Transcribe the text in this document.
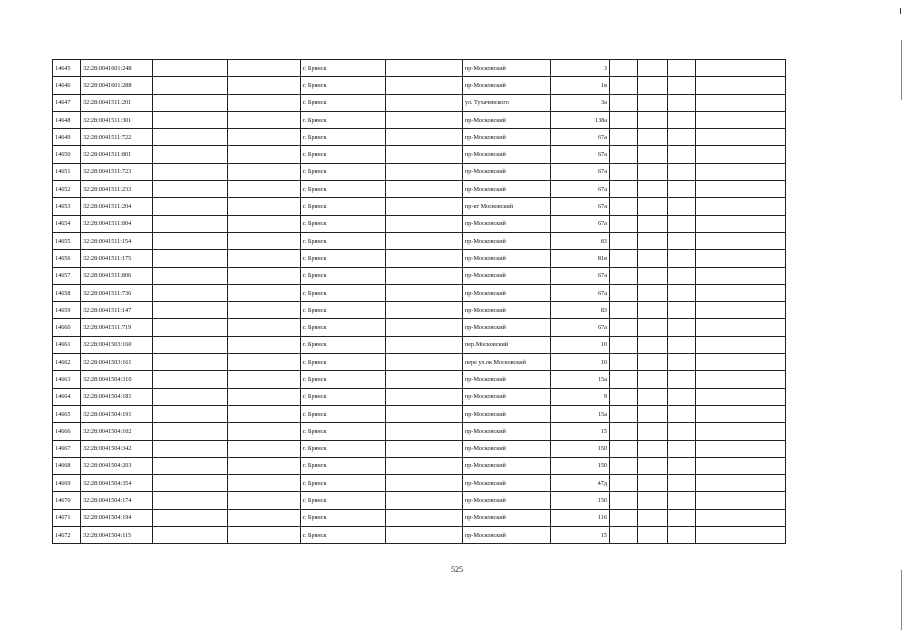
14645	32:28:0041601:248			г. Брянск		пр-Московский	3				
14646	32:28:0041601:288			г. Брянск		пр-Московский	1в				
14647	32:28:0041511:201			г. Брянск		ул. Тухачевского	3а				
14648	32:28:0041511:301			г. Брянск		пр-Московский	138а				
14649	32:28:0041511:722			г. Брянск		пр-Московский	67а				
14650	32:28:0041511:801			г. Брянск		пр-Московский	67а				
14651	32:28:0041511:723			г. Брянск		пр-Московский	67а				
14652	32:28:0041511:233			г. Брянск		пр-Московский	67а				
14653	32:28:0041511:204			г. Брянск		пр-кт Московский	67а				
14654	32:28:0041511:804			г. Брянск		пр-Московский	67а				
14655	32:28:0041511:154			г. Брянск		пр-Московский	83				
14656	32:28:0041511:175			г. Брянск		пр-Московский	81в				
14657	32:28:0041511:806			г. Брянск		пр-Московский	67а				
14658	32:28:0041511:736			г. Брянск		пр-Московский	67а				
14659	32:28:0041511:147			г. Брянск		пр-Московский	83				
14660	32:28:0041511:719			г. Брянск		пр-Московский	67а				
14661	32:28:0041503:160			г. Брянск		пер.Московский	10				
14662	32:28:0041503:161			г. Брянск		пере ул.ок Московский	10				
14663	32:28:0041504:310			г. Брянск		пр-Московский	15а				
14664	32:28:0041504:181			г. Брянск		пр-Московский	9				
14665	32:28:0041504:191			г. Брянск		пр-Московский	15а				
14666	32:28:0041504:102			г. Брянск		пр-Московский	15				
14667	32:28:0041504:342			г. Брянск		пр-Московский	150				
14668	32:28:0041504:203			г. Брянск		пр-Московский	150				
14669	32:28:0041504:354			г. Брянск		пр-Московский	47д				
14670	32:28:0041504:174			г. Брянск		пр-Московский	150				
14671	32:28:0041504:194			г. Брянск		пр-Московский	116				
14672	32:28:0041504:115			г. Брянск		пр-Московский	15				
525
